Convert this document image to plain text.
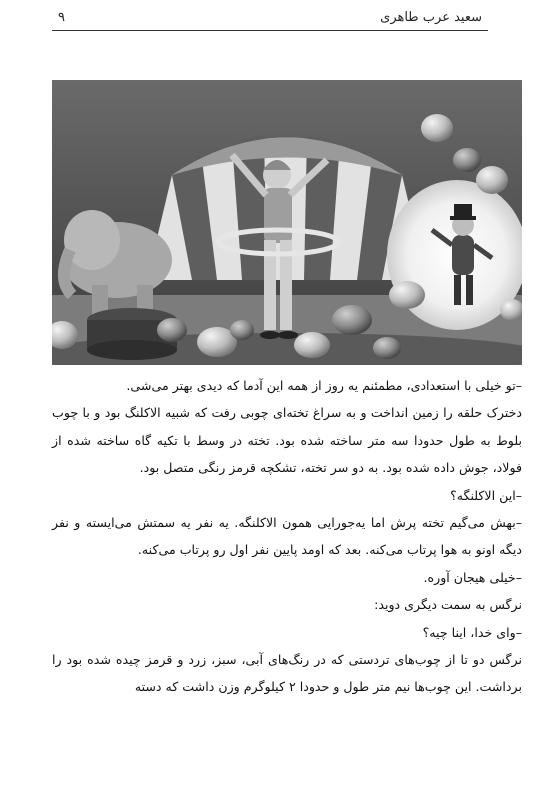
۹	سعید عرب طاهری

–تو خیلی با استعدادی، مطمئنم یه روز از همه این آدما که دیدی بهتر می‌شی.

دخترک حلقه را زمین انداخت و به سراغ تخته‌ای چوبی رفت که شبیه الاکلنگ بود و با چوب بلوط به طول حدودا سه متر ساخته شده بود. تخته در وسط با تکیه گاه ساخته شده از فولاد، جوش داده شده بود. به دو سر تخته، تشکچه قرمز رنگی متصل بود.

–این الاکلنگه؟

–بهش می‌گیم تخته پرش اما یه‌جورایی همون الاکلنگه. یه نفر یه سمتش می‌ایسته و نفر دیگه اونو به هوا پرتاب می‌کنه. بعد که اومد پایین نفر اول رو پرتاب می‌کنه.

–خیلی هیجان آوره.

نرگس به سمت دیگری دوید:

–وای خدا، اینا چیه؟

نرگس دو تا از چوب‌های تردستی که در رنگ‌های آبی، سبز، زرد و قرمز چیده شده بود را برداشت. این چوب‌ها نیم متر طول و حدودا ۲ کیلوگرم وزن داشت که دسته
